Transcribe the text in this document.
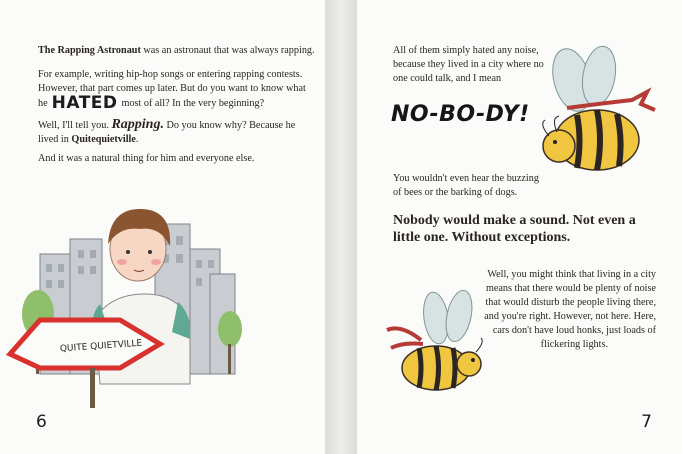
The Rapping Astronaut was an astronaut that was always rapping.

For example, writing hip-hop songs or entering rapping contests.
However, that part comes up later. But do you want to know what
he HATED most of all? In the very beginning?

Well, I'll tell you. Rapping. Do you know why? Because he
lived in Quitequietville.

And it was a natural thing for him and everyone else.

QUITE QUIETVILLE
6

All of them simply hated any noise,
because they lived in a city where no
one could talk, and I mean

NO-BO-DY!

You wouldn't even hear the buzzing
of bees or the barking of dogs.

Nobody would make a sound. Not even a
little one. Without exceptions.

Well, you might think that living in a city
means that there would be plenty of noise
that would disturb the people living there,
and you're right. However, not here. Here,
cars don't have loud honks, just loads of
flickering lights.

7
